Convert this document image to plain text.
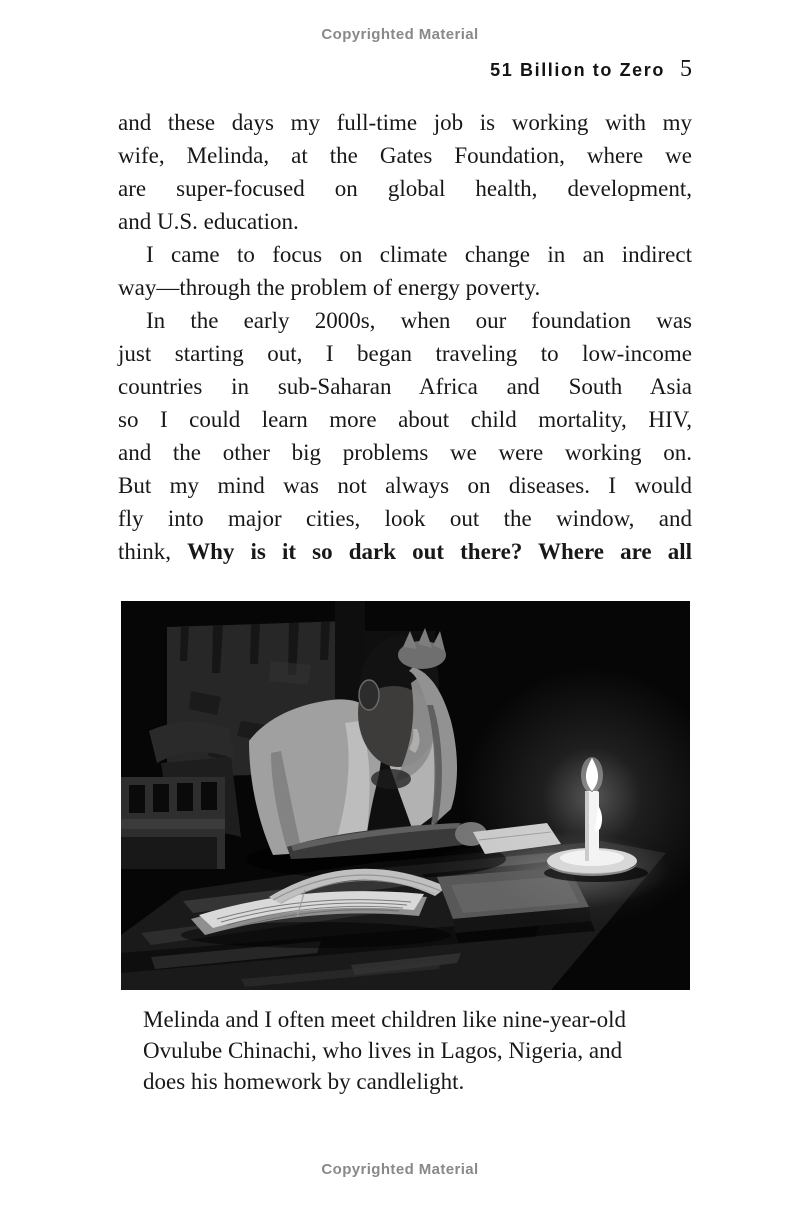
Copyrighted Material
51 Billion to Zero 5
and these days my full-time job is working with my
wife, Melinda, at the Gates Foundation, where we
are super-focused on global health, development,
and U.S. education.
I came to focus on climate change in an indirect
way—through the problem of energy poverty.
In the early 2000s, when our foundation was
just starting out, I began traveling to low-income
countries in sub-Saharan Africa and South Asia
so I could learn more about child mortality, HIV,
and the other big problems we were working on.
But my mind was not always on diseases. I would
fly into major cities, look out the window, and
think, Why is it so dark out there? Where are all
Melinda and I often meet children like nine-year-old
Ovulube Chinachi, who lives in Lagos, Nigeria, and
does his homework by candlelight.
Copyrighted Material
